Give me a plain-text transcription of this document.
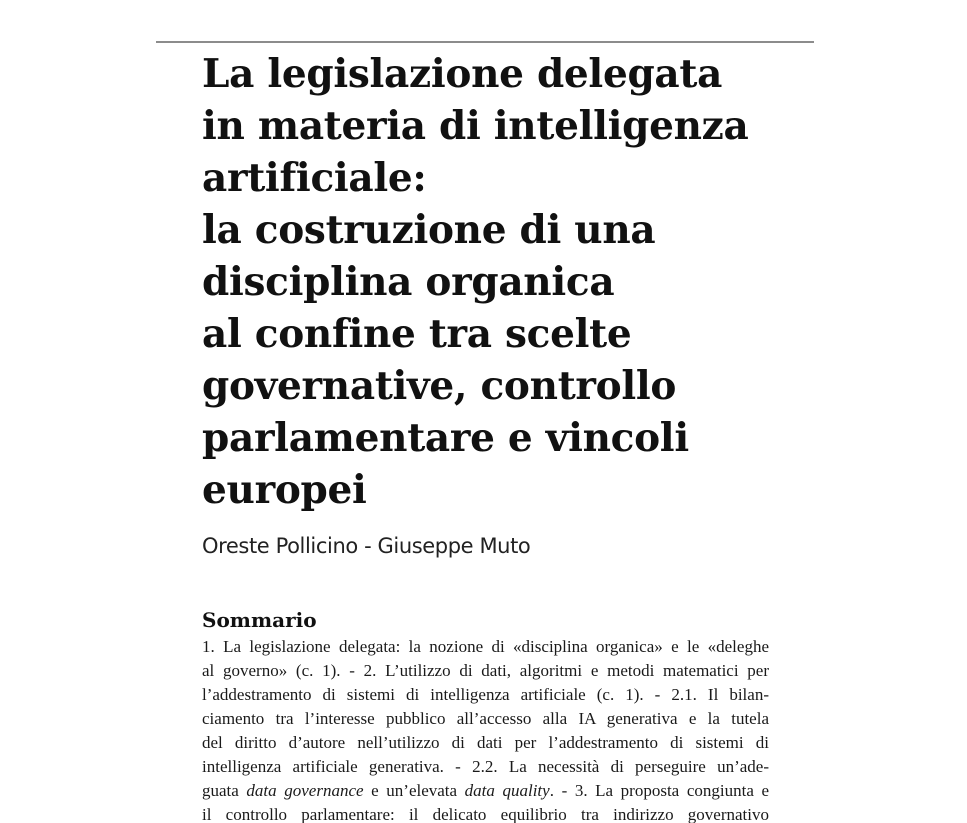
La legislazione delegata
in materia di intelligenza
artificiale:
la costruzione di una
disciplina organica
al confine tra scelte
governative, controllo
parlamentare e vincoli
europei
Oreste Pollicino - Giuseppe Muto
Sommario
1. La legislazione delegata: la nozione di «disciplina organica» e le «deleghe
al governo» (c. 1). - 2. L’utilizzo di dati, algoritmi e metodi matematici per
l’addestramento di sistemi di intelligenza artificiale (c. 1). - 2.1. Il bilan-
ciamento tra l’interesse pubblico all’accesso alla IA generativa e la tutela
del diritto d’autore nell’utilizzo di dati per l’addestramento di sistemi di
intelligenza artificiale generativa. - 2.2. La necessità di perseguire un’ade-
guata data governance e un’elevata data quality. - 3. La proposta congiunta e
il controllo parlamentare: il delicato equilibrio tra indirizzo governativo
